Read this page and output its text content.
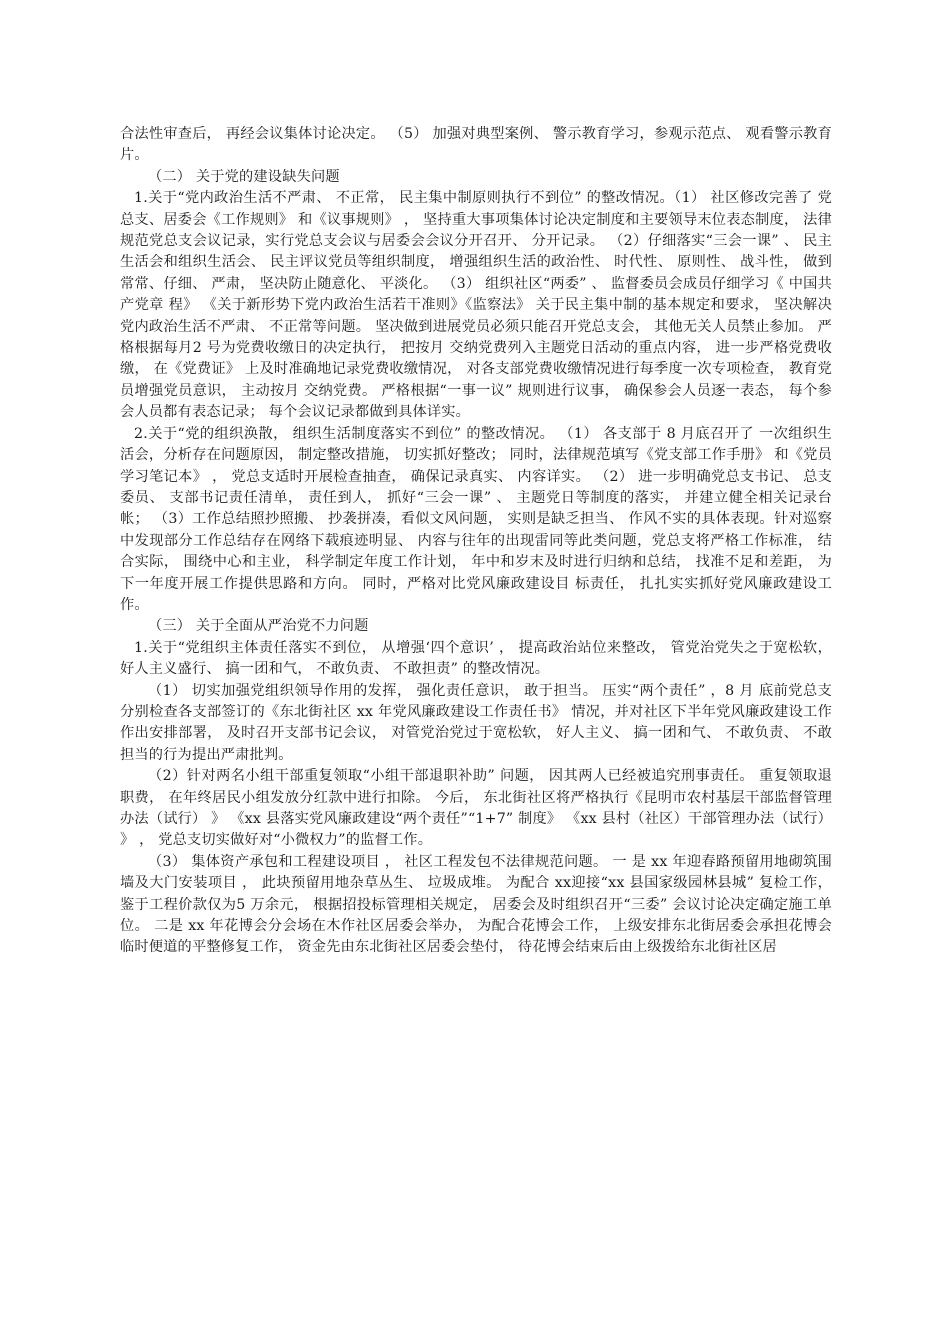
合法性审查后， 再经会议集体讨论决定。 （5） 加强对典型案例、 警示教育学习，参观示范点、 观看警示教育片。

（二） 关于党的建设缺失问题

1.关于“党内政治生活不严肃、 不正常， 民主集中制原则执行不到位” 的整改情况。（1） 社区修改完善了 党总支、居委会《工作规则》 和《议事规则》 ， 坚持重大事项集体讨论决定制度和主要领导末位表态制度， 法律规范党总支会议记录，实行党总支会议与居委会会议分开召开、 分开记录。 （2）仔细落实“三会一课” 、 民主生活会和组织生活会、 民主评议党员等组织制度， 增强组织生活的政治性、 时代性、 原则性、 战斗性， 做到常常、仔细、 严肃， 坚决防止随意化、 平淡化。 （3） 组织社区“两委” 、 监督委员会成员仔细学习《 中国共产党章 程》 《关于新形势下党内政治生活若干准则》《监察法》 关于民主集中制的基本规定和要求， 坚决解决党内政治生活不严肃、 不正常等问题。 坚决做到进展党员必须只能召开党总支会， 其他无关人员禁止参加。 严格根据每月2 号为党费收缴日的决定执行， 把按月 交纳党费列入主题党日活动的重点内容， 进一步严格党费收缴， 在《党费证》 上及时准确地记录党费收缴情况， 对各支部党费收缴情况进行每季度一次专项检查， 教育党员增强党员意识， 主动按月 交纳党费。 严格根据“一事一议” 规则进行议事， 确保参会人员逐一表态， 每个参会人员都有表态记录； 每个会议记录都做到具体详实。

2.关于“党的组织涣散， 组织生活制度落实不到位” 的整改情况。 （1） 各支部于 8 月底召开了 一次组织生活会，分析存在问题原因， 制定整改措施， 切实抓好整改； 同时，法律规范填写《党支部工作手册》 和《党员学习笔记本》 ， 党总支适时开展检查抽查， 确保记录真实、 内容详实。 （2） 进一步明确党总支书记、 总支委员、 支部书记责任清单， 责任到人， 抓好“三会一课” 、 主题党日等制度的落实， 并建立健全相关记录台帐； （3）工作总结照抄照搬、 抄袭拼凑，看似文风问题， 实则是缺乏担当、 作风不实的具体表现。针对巡察中发现部分工作总结存在网络下载痕迹明显、 内容与往年的出现雷同等此类问题，党总支将严格工作标准， 结合实际， 围绕中心和主业， 科学制定年度工作计划， 年中和岁末及时进行归纳和总结， 找准不足和差距， 为下一年度开展工作提供思路和方向。 同时，严格对比党风廉政建设目 标责任， 扎扎实实抓好党风廉政建设工作。

（三） 关于全面从严治党不力问题

1.关于“党组织主体责任落实不到位， 从增强‘四个意识’ ， 提高政治站位来整改， 管党治党失之于宽松软， 好人主义盛行、 搞一团和气， 不敢负责、 不敢担责” 的整改情况。

（1） 切实加强党组织领导作用的发挥， 强化责任意识， 敢于担当。 压实“两个责任” ，8 月 底前党总支分别检查各支部签订的《东北街社区 xx 年党风廉政建设工作责任书》 情况，并对社区下半年党风廉政建设工作作出安排部署， 及时召开支部书记会议， 对管党治党过于宽松软， 好人主义、 搞一团和气、 不敢负责、 不敢担当的行为提出严肃批判。

（2）针对两名小组干部重复领取“小组干部退职补助” 问题， 因其两人已经被追究刑事责任。 重复领取退职费， 在年终居民小组发放分红款中进行扣除。 今后， 东北街社区将严格执行《昆明市农村基层干部监督管理办法（试行） 》 《xx 县落实党风廉政建设“两个责任”“1+7” 制度》 《xx 县村（社区）干部管理办法（试行） 》 ， 党总支切实做好对“小微权力”的监督工作。

（3） 集体资产承包和工程建设项目 ， 社区工程发包不法律规范问题。 一 是 xx 年迎春路预留用地砌筑围墙及大门安装项目 ， 此块预留用地杂草丛生、 垃圾成堆。 为配合 xx迎接“xx 县国家级园林县城” 复检工作， 鉴于工程价款仅为5 万余元， 根据招投标管理相关规定， 居委会及时组织召开“三委” 会议讨论决定确定施工单位。 二是 xx 年花博会分会场在木作社区居委会举办， 为配合花博会工作， 上级安排东北街居委会承担花博会临时便道的平整修复工作， 资金先由东北街社区居委会垫付， 待花博会结束后由上级拨给东北街社区居
